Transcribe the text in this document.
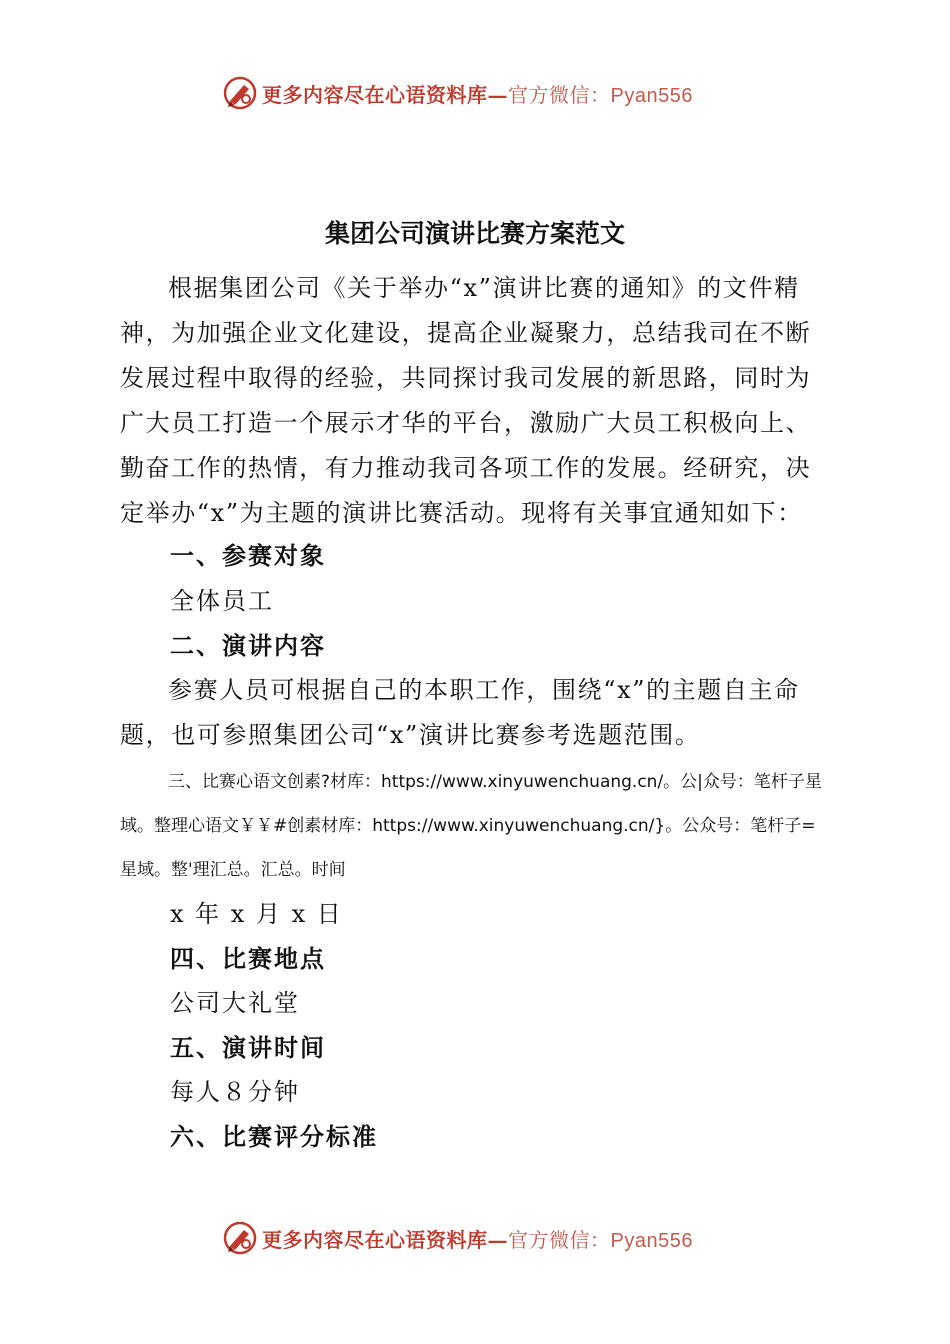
更多内容尽在心语资料库—官方微信：Pyan556
集团公司演讲比赛方案范文

根据集团公司《关于举办“x”演讲比赛的通知》的文件精神，为加强企业文化建设，提高企业凝聚力，总结我司在不断发展过程中取得的经验，共同探讨我司发展的新思路，同时为广大员工打造一个展示才华的平台，激励广大员工积极向上、勤奋工作的热情，有力推动我司各项工作的发展。经研究，决定举办“x”为主题的演讲比赛活动。现将有关事宜通知如下：

一、参赛对象
全体员工
二、演讲内容

参赛人员可根据自己的本职工作，围绕“x”的主题自主命题，也可参照集团公司“x”演讲比赛参考选题范围。

三、比赛心语文创素?材库：https://www.xinyuwenchuang.cn/。公|众号：笔杆子星域。整理心语文￥￥#创素材库：https://www.xinyuwenchuang.cn/}。公众号：笔杆子=星域。整'理汇总。汇总。时间

x 年 x 月 x 日
四、比赛地点
公司大礼堂
五、演讲时间
每人８分钟
六、比赛评分标准
更多内容尽在心语资料库—官方微信：Pyan556
